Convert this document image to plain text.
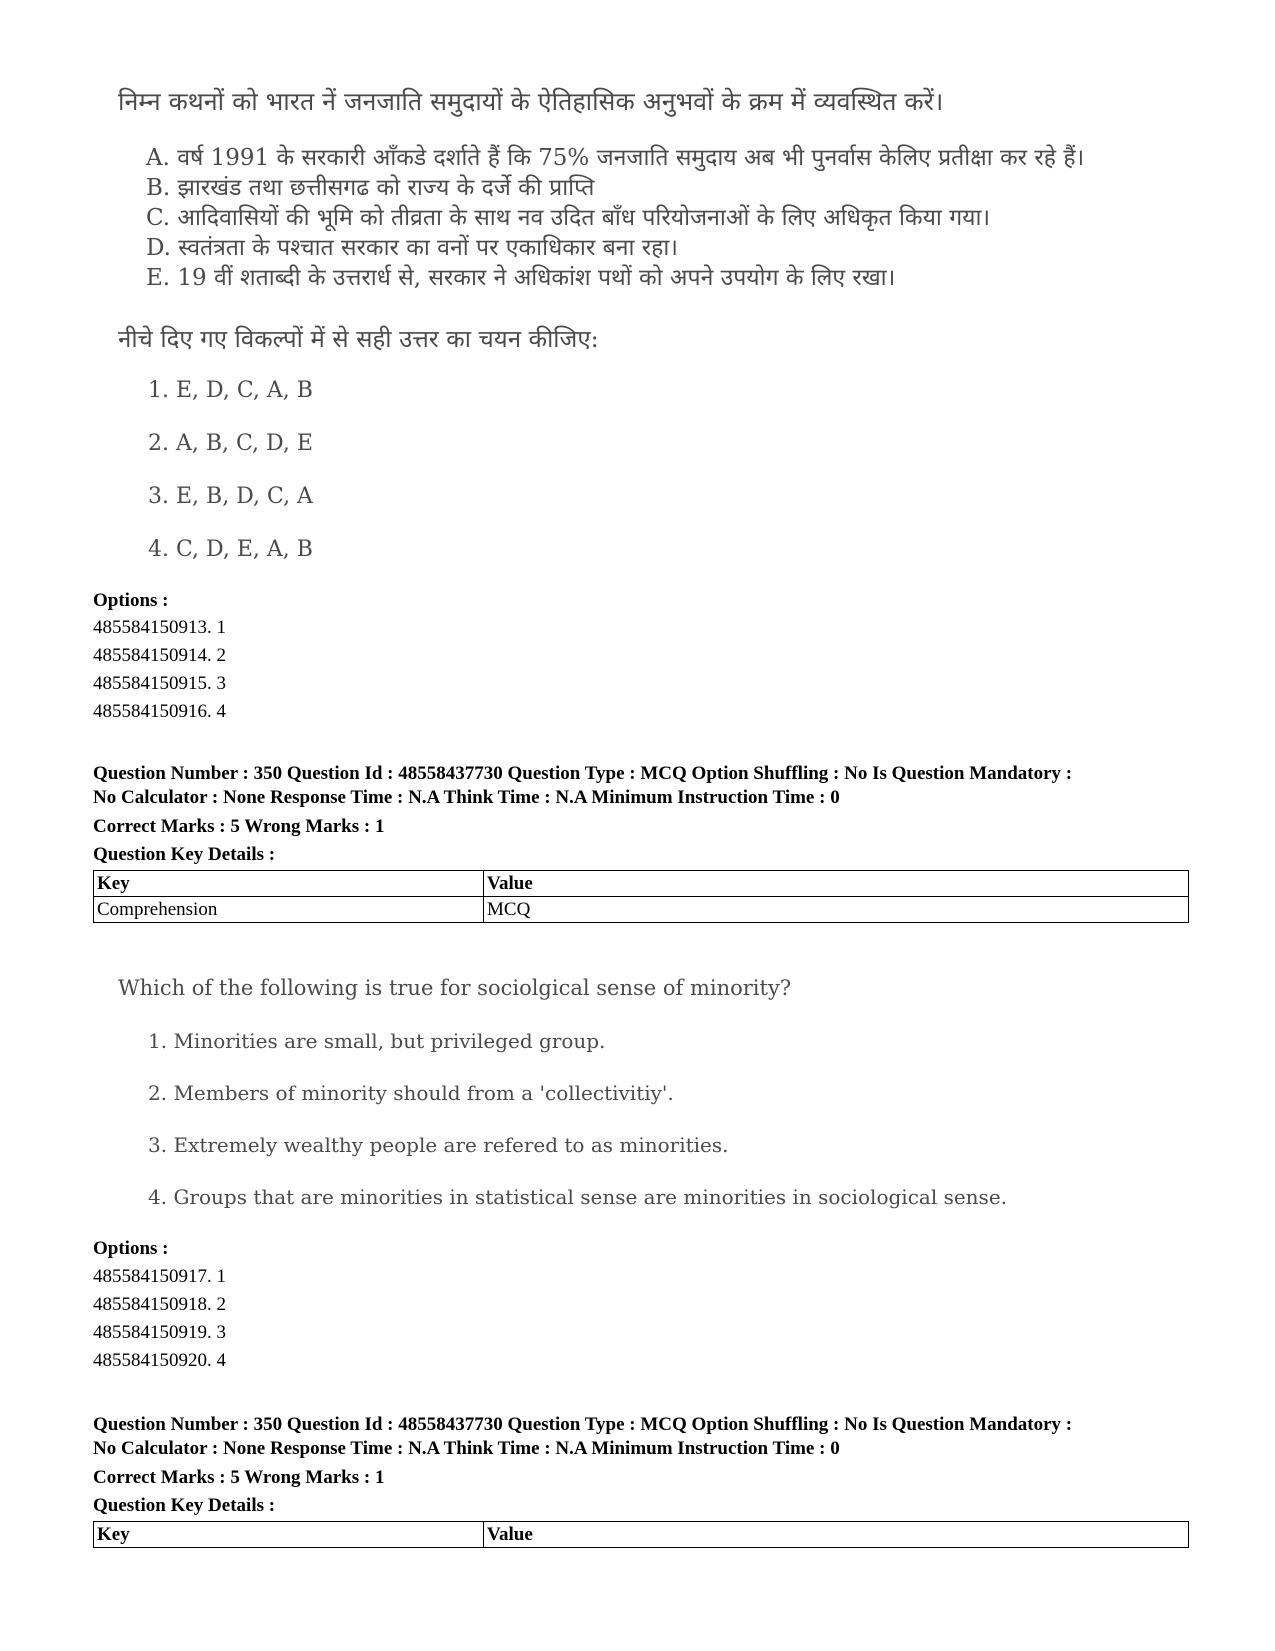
निम्न कथनों को भारत नें जनजाति समुदायों के ऐतिहासिक अनुभवों के क्रम में व्यवस्थित करें।
A. वर्ष 1991 के सरकारी आँकडे दर्शाते हैं कि 75% जनजाति समुदाय अब भी पुनर्वास केलिए प्रतीक्षा कर रहे हैं।
B. झारखंड तथा छत्तीसगढ को राज्य के दर्जे की प्राप्ति
C. आदिवासियों की भूमि को तीव्रता के साथ नव उदित बाँध परियोजनाओं के लिए अधिकृत किया गया।
D. स्वतंत्रता के पश्चात सरकार का वनों पर एकाधिकार बना रहा।
E. 19 वीं शताब्दी के उत्तरार्ध से, सरकार ने अधिकांश पथों को अपने उपयोग के लिए रखा।
नीचे दिए गए विकल्पों में से सही उत्तर का चयन कीजिए:
1. E, D, C, A, B
2. A, B, C, D, E
3. E, B, D, C, A
4. C, D, E, A, B
Options :
485584150913. 1
485584150914. 2
485584150915. 3
485584150916. 4
Question Number : 350 Question Id : 48558437730 Question Type : MCQ Option Shuffling : No Is Question Mandatory :
No Calculator : None Response Time : N.A Think Time : N.A Minimum Instruction Time : 0
Correct Marks : 5 Wrong Marks : 1
Question Key Details :
Key	Value
Comprehension	MCQ
Which of the following is true for sociolgical sense of minority?
1. Minorities are small, but privileged group.
2. Members of minority should from a 'collectivitiy'.
3. Extremely wealthy people are refered to as minorities.
4. Groups that are minorities in statistical sense are minorities in sociological sense.
Options :
485584150917. 1
485584150918. 2
485584150919. 3
485584150920. 4
Question Number : 350 Question Id : 48558437730 Question Type : MCQ Option Shuffling : No Is Question Mandatory :
No Calculator : None Response Time : N.A Think Time : N.A Minimum Instruction Time : 0
Correct Marks : 5 Wrong Marks : 1
Question Key Details :
Key	Value
